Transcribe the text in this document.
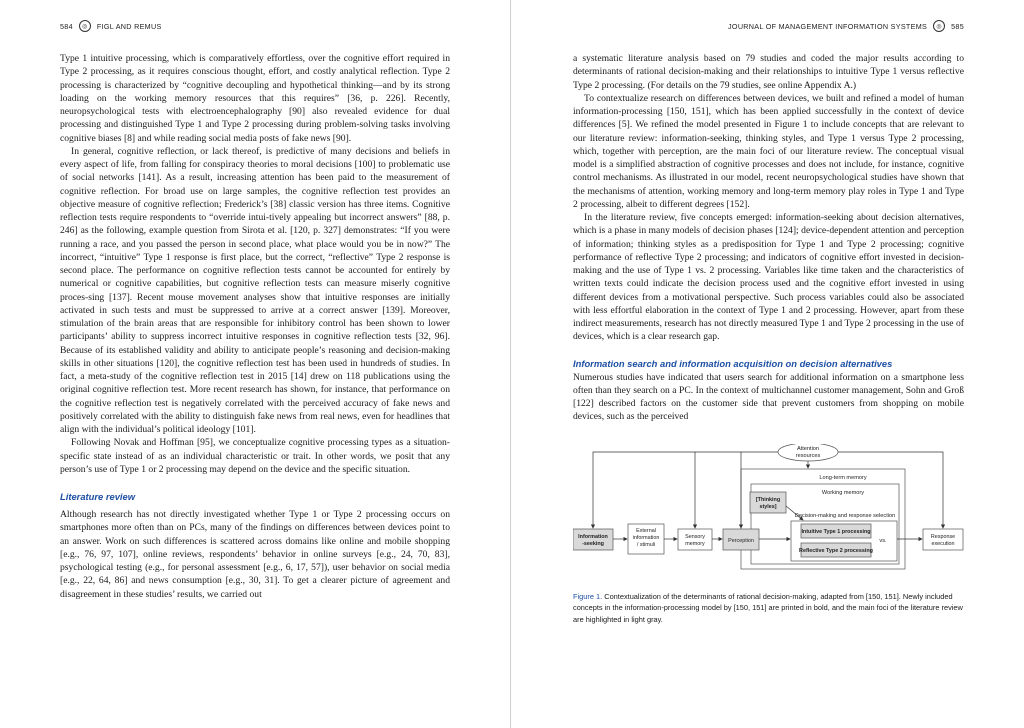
584	◎	FIGL AND REMUS

Type 1 intuitive processing, which is comparatively effortless, over the cognitive effort required in Type 2 processing, as it requires conscious thought, effort, and costly analytical reflection. Type 2 processing is characterized by “cognitive decoupling and hypothetical thinking—and by its strong loading on the working memory resources that this requires” [36, p. 226]. Recently, neuropsychological tests with electroencephalography [90] also revealed evidence for dual processing and distinguished Type 1 and Type 2 processing during problem-solving tasks involving cognitive biases [8] and while reading social media posts of fake news [90].

In general, cognitive reflection, or lack thereof, is predictive of many decisions and beliefs in every aspect of life, from falling for conspiracy theories to moral decisions [100] to problematic use of social networks [141]. As a result, increasing attention has been paid to the measurement of cognitive reflection. For broad use on large samples, the cognitive reflection test provides an objective measure of cognitive reflection; Frederick’s [38] classic version has three items. Cognitive reflection tests require respondents to “override intui-tively appealing but incorrect answers” [88, p. 246] as the following, example question from Sirota et al. [120, p. 327] demonstrates: “If you were running a race, and you passed the person in second place, what place would you be in now?” The incorrect, “intuitive” Type 1 response is first place, but the correct, “reflective” Type 2 response is second place. The performance on cognitive reflection tests cannot be accounted for entirely by numerical or cognitive capabilities, but cognitive reflection tests can measure miserly cognitive proces-sing [137]. Recent mouse movement analyses show that intuitive responses are initially activated in such tests and must be suppressed to arrive at a correct answer [139]. Moreover, stimulation of the brain areas that are responsible for inhibitory control has been shown to lower participants’ ability to suppress incorrect intuitive responses in cognitive reflection tests [32, 96]. Because of its established validity and ability to anticipate people’s reasoning and decision-making skills in other situations [120], the cognitive reflection test has been used in hundreds of studies. In fact, a meta-study of the cognitive reflection test in 2015 [14] drew on 118 publications using the original cognitive reflection test. More recent research has shown, for instance, that performance on the cognitive reflection test is negatively correlated with the perceived accuracy of fake news and positively correlated with the ability to distinguish fake news from real news, even for headlines that align with the individual’s political ideology [101].

Following Novak and Hoffman [95], we conceptualize cognitive processing types as a situation-specific state instead of as an individual characteristic or trait. In other words, we posit that any person’s use of Type 1 or 2 processing may depend on the device and the specific situation.

Literature review

Although research has not directly investigated whether Type 1 or Type 2 processing occurs on smartphones more often than on PCs, many of the findings on differences between devices point to an answer. Work on such differences is scattered across domains like online and mobile shopping [e.g., 76, 97, 107], online reviews, respondents’ behavior in online surveys [e.g., 24, 70, 83], psychological testing (e.g., for personal assessment [e.g., 6, 17, 57]), user behavior on social media [e.g., 22, 64, 86] and news consumption [e.g., 30, 31]. To get a clearer picture of agreement and disagreement in these studies’ results, we carried out

JOURNAL OF MANAGEMENT INFORMATION SYSTEMS	◎	585

a systematic literature analysis based on 79 studies and coded the major results according to determinants of rational decision-making and their relationships to intuitive Type 1 versus reflective Type 2 processing. (For details on the 79 studies, see online Appendix A.)

To contextualize research on differences between devices, we built and refined a model of human information-processing [150, 151], which has been applied successfully in the context of device differences [5]. We refined the model presented in Figure 1 to include concepts that are relevant to our literature review: information-seeking, thinking styles, and Type 1 versus Type 2 processing, which, together with perception, are the main foci of our literature review. The conceptual visual model is a simplified abstraction of cognitive processes and does not include, for instance, cognitive control mechanisms. As illustrated in our model, recent neuropsychological studies have shown that the mechanisms of attention, working memory and long-term memory play roles in Type 1 and Type 2 processing, albeit to different degrees [152].

In the literature review, five concepts emerged: information-seeking about decision alternatives, which is a phase in many models of decision phases [124]; device-dependent attention and perception of information; thinking styles as a predisposition for Type 1 and Type 2 processing; cognitive performance of reflective Type 2 processing; and indicators of cognitive effort invested in decision-making and the use of Type 1 vs. 2 processing. Variables like time taken and the characteristics of written texts could indicate the decision process used and the cognitive effort invested in using different devices from a motivational perspective. Such process variables could also be associated with less effortful elaboration in the context of Type 1 and 2 processing. However, apart from these indirect measurements, research has not directly measured Type 1 and Type 2 processing in the use of devices, which is a clear research gap.

Information search and information acquisition on decision alternatives

Numerous studies have indicated that users search for additional information on a smartphone less often than they search on a PC. In the context of multichannel customer management, Sohn and Groß [122] described factors on the customer side that prevent customers from shopping on mobile devices, such as the perceived

Attention resources
Long-term memory
Working memory
[Thinking styles]
Decision-making and response selection
Intuitive Type 1 processing
Reflective Type 2 processing
vs.
Information -seeking
External information / stimuli
Sensory memory	Perception
Response execution
Figure 1. Contextualization of the determinants of rational decision-making, adapted from [150, 151]. Newly included concepts in the information-processing model by [150, 151] are printed in bold, and the main foci of the literature review are highlighted in light gray.
